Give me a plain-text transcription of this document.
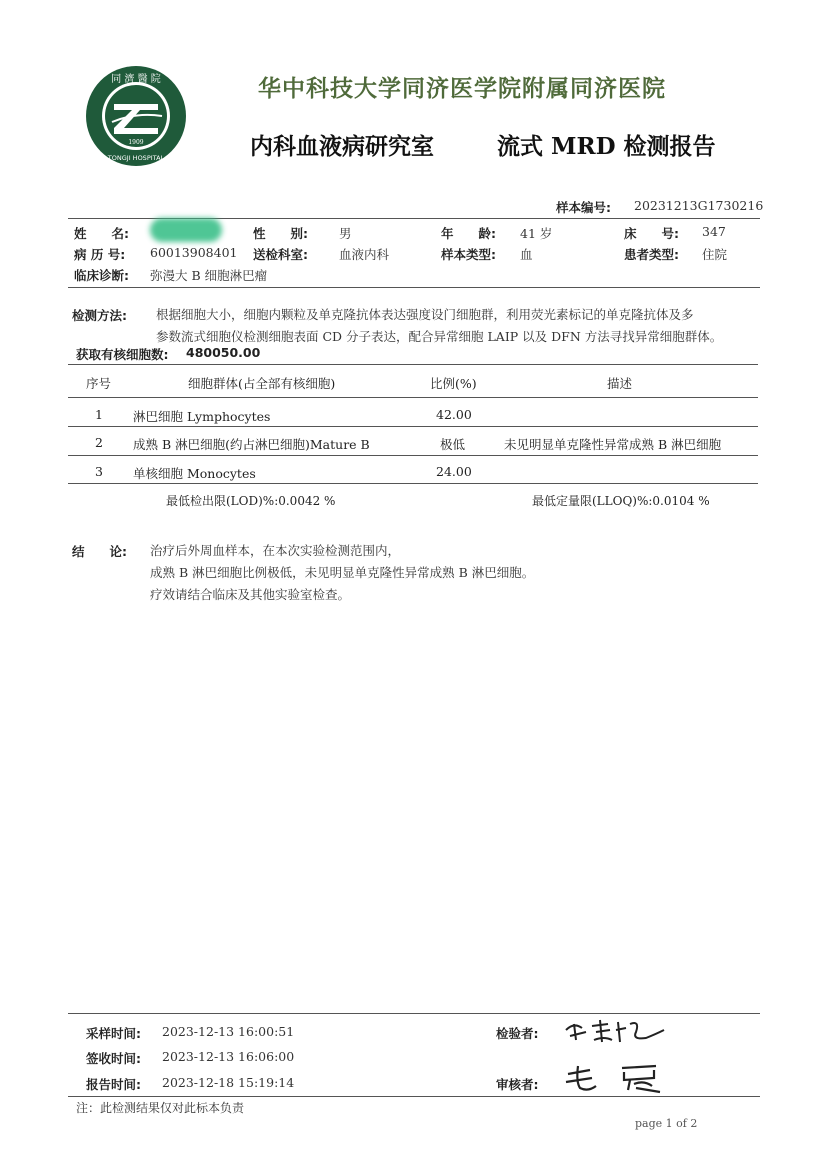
同 濟 醫 院
1909
TONGJI HOSPITAL
华中科技大学同济医学院附属同济医院
内科血液病研究室	流式 MRD 检测报告
样本编号: 20231213G1730216
姓　　名:	性　　别: 男	年　　龄: 41 岁	床　　号: 347
病 历 号: 60013908401 送检科室: 血液内科	样本类型: 血	患者类型: 住院
临床诊断: 弥漫大 B 细胞淋巴瘤
检测方法: 根据细胞大小，细胞内颗粒及单克隆抗体表达强度设门细胞群，利用荧光素标记的单克隆抗体及多
参数流式细胞仪检测细胞表面 CD 分子表达，配合异常细胞 LAIP 以及 DFN 方法寻找异常细胞群体。
获取有核细胞数: 480050.00
序号	细胞群体(占全部有核细胞)	比例(%)	描述
1 淋巴细胞 Lymphocytes	42.00
2 成熟 B 淋巴细胞(约占淋巴细胞)Mature B	极低	未见明显单克隆性异常成熟 B 淋巴细胞
3 单核细胞 Monocytes	24.00
最低检出限(LOD)%:0.0042 %	最低定量限(LLOQ)%:0.0104 %
结　　论: 治疗后外周血样本，在本次实验检测范围内，
成熟 B 淋巴细胞比例极低，未见明显单克隆性异常成熟 B 淋巴细胞。
疗效请结合临床及其他实验室检查。
采样时间: 2023-12-13 16:00:51
签收时间: 2023-12-13 16:06:00
报告时间: 2023-12-18 15:19:14
检验者:
审核者:
注：此检测结果仅对此标本负责
page 1 of 2
